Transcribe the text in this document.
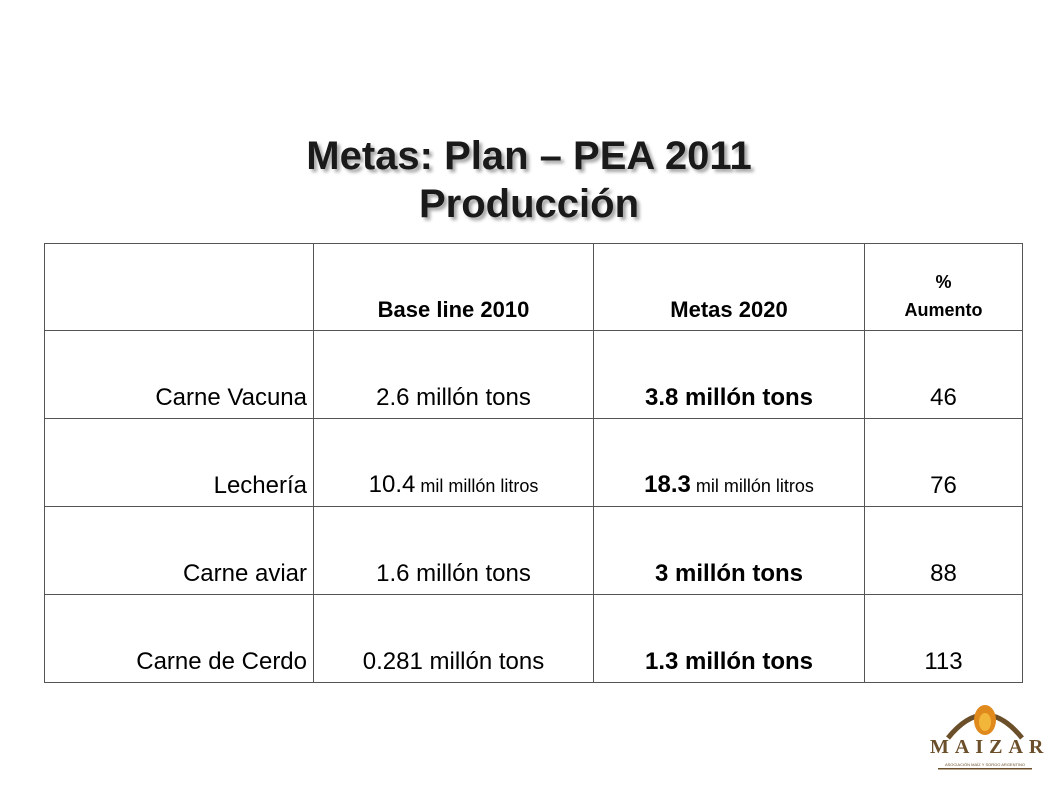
Metas: Plan – PEA 2011
Producción
	Base line 2010	Metas 2020	%
Aumento
Carne Vacuna	2.6 millón tons	3.8 millón tons	46
Lechería	10.4 mil millón litros	18.3 mil millón litros	76
Carne aviar	1.6 millón tons	3 millón tons	88
Carne de Cerdo	0.281 millón tons	1.3 millón tons	113
MAIZAR
ASOCIACIÓN MAÍZ Y SORGO ARGENTINO
